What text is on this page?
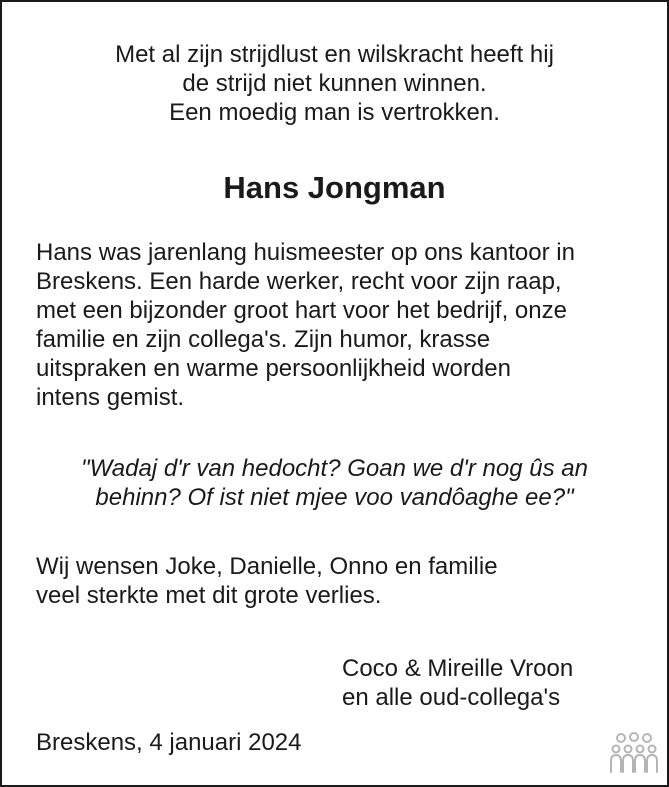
Met al zijn strijdlust en wilskracht heeft hij
de strijd niet kunnen winnen.
Een moedig man is vertrokken.
Hans Jongman
Hans was jarenlang huismeester op ons kantoor in
Breskens. Een harde werker, recht voor zijn raap,
met een bijzonder groot hart voor het bedrijf, onze
familie en zijn collega's. Zijn humor, krasse
uitspraken en warme persoonlijkheid worden
intens gemist.
"Wadaj d'r van hedocht? Goan we d'r nog ûs an
behinn? Of ist niet mjee voo vandôaghe ee?"
Wij wensen Joke, Danielle, Onno en familie
veel sterkte met dit grote verlies.
Coco & Mireille Vroon
en alle oud-collega's
Breskens, 4 januari 2024
